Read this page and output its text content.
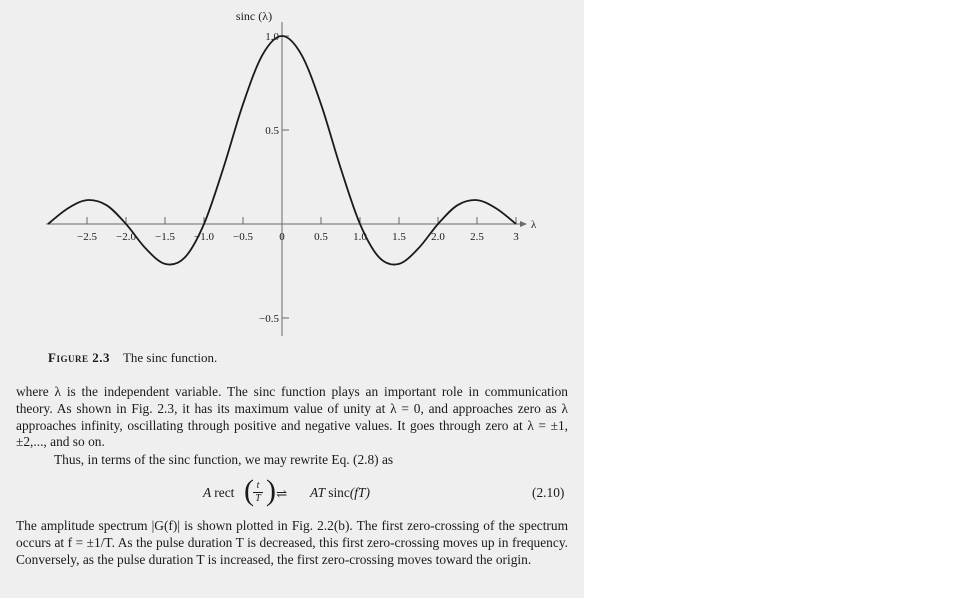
−2.5 −2.0 −1.5 −1.0 −0.5 0	0.5 1.0 1.5 2.0 2.5	3
1.0
0.5
−0.5
sinc (λ)
λ
Figure 2.3 The sinc function.

where λ is the independent variable. The sinc function plays an important role in communication theory. As shown in Fig. 2.3, it has its maximum value of unity at λ = 0, and approaches zero as λ approaches infinity, oscillating through positive and negative values. It goes through zero at λ = ±1, ±2,..., and so on.

Thus, in terms of the sinc function, we may rewrite Eq. (2.8) as

A rect ( t
T ) ⇌ AT sinc(fT)	(2.10)

The amplitude spectrum |G(f)| is shown plotted in Fig. 2.2(b). The first zero-crossing of the spectrum occurs at f = ±1/T. As the pulse duration T is decreased, this first zero-crossing moves up in frequency. Conversely, as the pulse duration T is increased, the first zero-crossing moves toward the origin.
